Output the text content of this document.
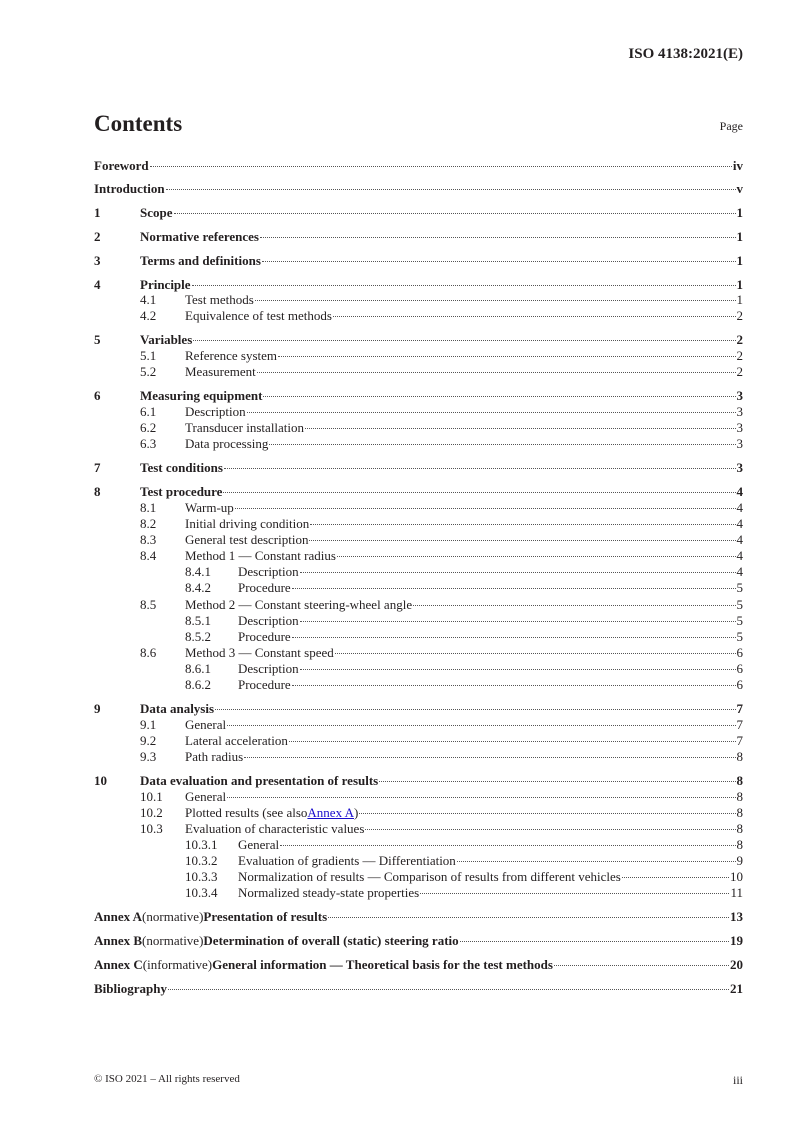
ISO 4138:2021(E)
Contents	Page
Foreword	iv
Introduction	v
1	Scope	1
2	Normative references	1
3	Terms and definitions	1
4	Principle	1
4.1	Test methods	1
4.2	Equivalence of test methods	2
5	Variables	2
5.1	Reference system	2
5.2	Measurement	2
6	Measuring equipment	3
6.1	Description	3
6.2	Transducer installation	3
6.3	Data processing	3
7	Test conditions	3
8	Test procedure	4
8.1	Warm-up	4
8.2	Initial driving condition	4
8.3	General test description	4
8.4	Method 1 — Constant radius	4
8.4.1	Description	4
8.4.2	Procedure	5
8.5	Method 2 — Constant steering-wheel angle	5
8.5.1	Description	5
8.5.2	Procedure	5
8.6	Method 3 — Constant speed	6
8.6.1	Description	6
8.6.2	Procedure	6
9	Data analysis	7
9.1	General	7
9.2	Lateral acceleration	7
9.3	Path radius	8
10	Data evaluation and presentation of results	8
10.1	General	8
10.2	Plotted results (see also Annex A )	8
10.3	Evaluation of characteristic values	8
10.3.1	General	8
10.3.2	Evaluation of gradients — Differentiation	9
10.3.3	Normalization of results — Comparison of results from different vehicles	10
10.3.4	Normalized steady-state properties	11
Annex A (normative) Presentation of results	13
Annex B (normative) Determination of overall (static) steering ratio	19
Annex C (informative) General information — Theoretical basis for the test methods	20
Bibliography	21
© ISO 2021 – All rights reserved	iii
